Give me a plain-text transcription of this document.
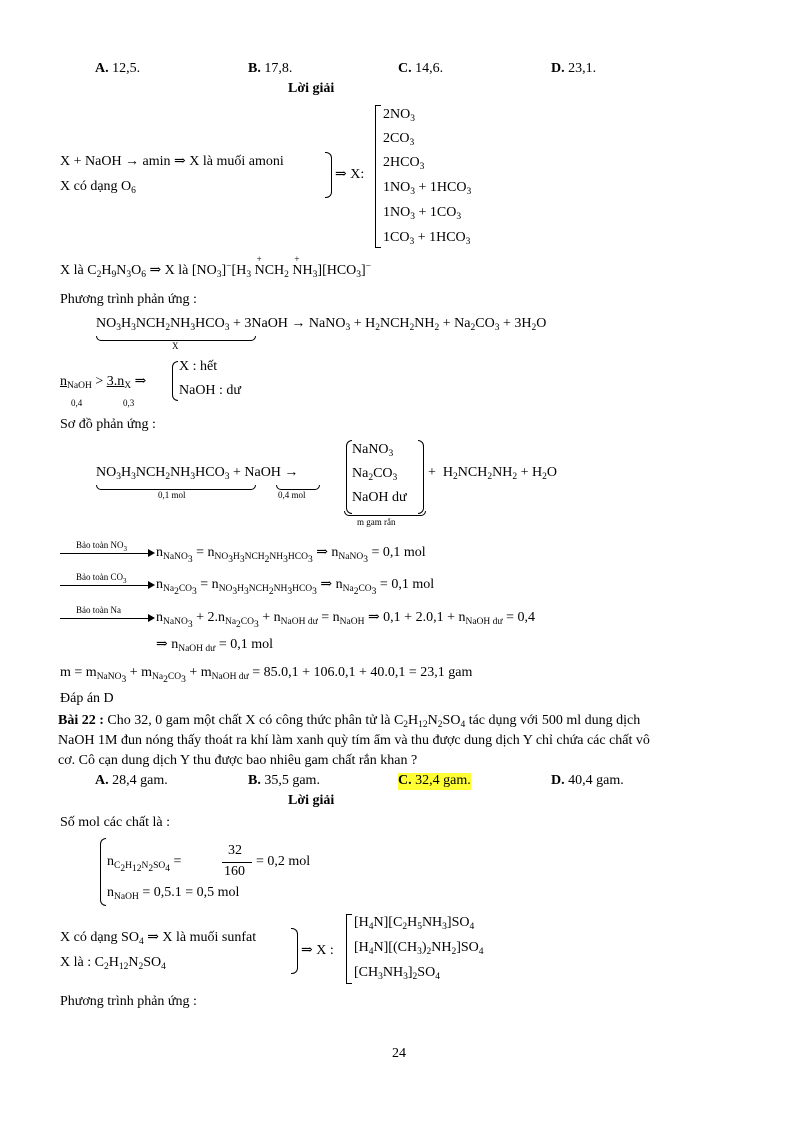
A. 12,5.	B. 17,8.	C. 14,6.	D. 23,1.
Lời giải
X + NaOH → amin ⇒ X là muối amoni
X có dạng $O_6$
⇒ X:
$2NO_3$
$2CO_3$
$2HCO_3$
$1NO_3 + 1HCO_3$
$1NO_3 + 1CO_3$
$1CO_3 + 1HCO_3$
X là $C_2H_9N_3O_6$ ⇒ X là $[NO_3]^-[H_3$ N
+
$CH_2$ N
+
$H_3][HCO_3]^-$
Phương trình phản ứng :
$NO_3H_3NCH_2NH_3HCO_3$ + 3NaOH → NaNO$_3$ + $H_2NCH_2NH_2 + Na_2CO_3 + 3H_2O$
X
$n_{NaOH} > 3.n_X$ ⇒
0,4	0,3
X : hết
NaOH : dư
Sơ đồ phản ứng :
$NO_3H_3NCH_2NH_3HCO_3$ + NaOH →
0,1 mol	0,4 mol
NaNO$_3$
$Na_2CO_3$
NaOH dư
m gam rắn
+  $H_2NCH_2NH_2 + H_2O$
Bảo toàn $NO_3$ $n_{NaNO_3} = n_{NO_3H_3NCH_2NH_3HCO_3}$ ⇒ $n_{NaNO_3} = 0,1$ mol
Bảo toàn $CO_3$ $n_{Na_2CO_3} = n_{NO_3H_3NCH_2NH_3HCO_3}$ ⇒ $n_{Na_2CO_3} = 0,1$ mol
Bảo toàn Na	$n_{NaNO_3} + 2.n_{Na_2CO_3} + n_{NaOH dư} = n_{NaOH}$ ⇒ $0,1 + 2.0,1 + n_{NaOH dư} = 0,4$
⇒ $n_{NaOH dư} = 0,1$ mol
$m = m_{NaNO_3} + m_{Na_2CO_3} + m_{NaOH dư} = 85.0,1 + 106.0,1 + 40.0,1 = 23,1$ gam
Đáp án D
Bài 22 : Cho 32, 0 gam một chất X có công thức phân tử là $C_2H_{12}N_2SO_4$ tác dụng với 500 ml dung dịch
NaOH 1M đun nóng thấy thoát ra khí làm xanh quỳ tím ẩm và thu được dung dịch Y chỉ chứa các chất vô
cơ. Cô cạn dung dịch Y thu được bao nhiêu gam chất rắn khan ?
A. 28,4 gam.	B. 35,5 gam.	C. 32,4 gam.	D. 40,4 gam.
Lời giải
Số mol các chất là :
$n_{C_2H_{12}N_2SO_4}$ =
32
160
= 0,2 mol
$n_{NaOH} = 0,5.1 = 0,5$ mol
X có dạng $SO_4$ ⇒ X là muối sunfat
X là : $C_2H_{12}N_2SO_4$
⇒ X :
$[H_4N][C_2H_5NH_3]SO_4$
$[H_4N][(CH_3)_2NH_2]SO_4$
$[CH_3NH_3]_2SO_4$
Phương trình phản ứng :
24
